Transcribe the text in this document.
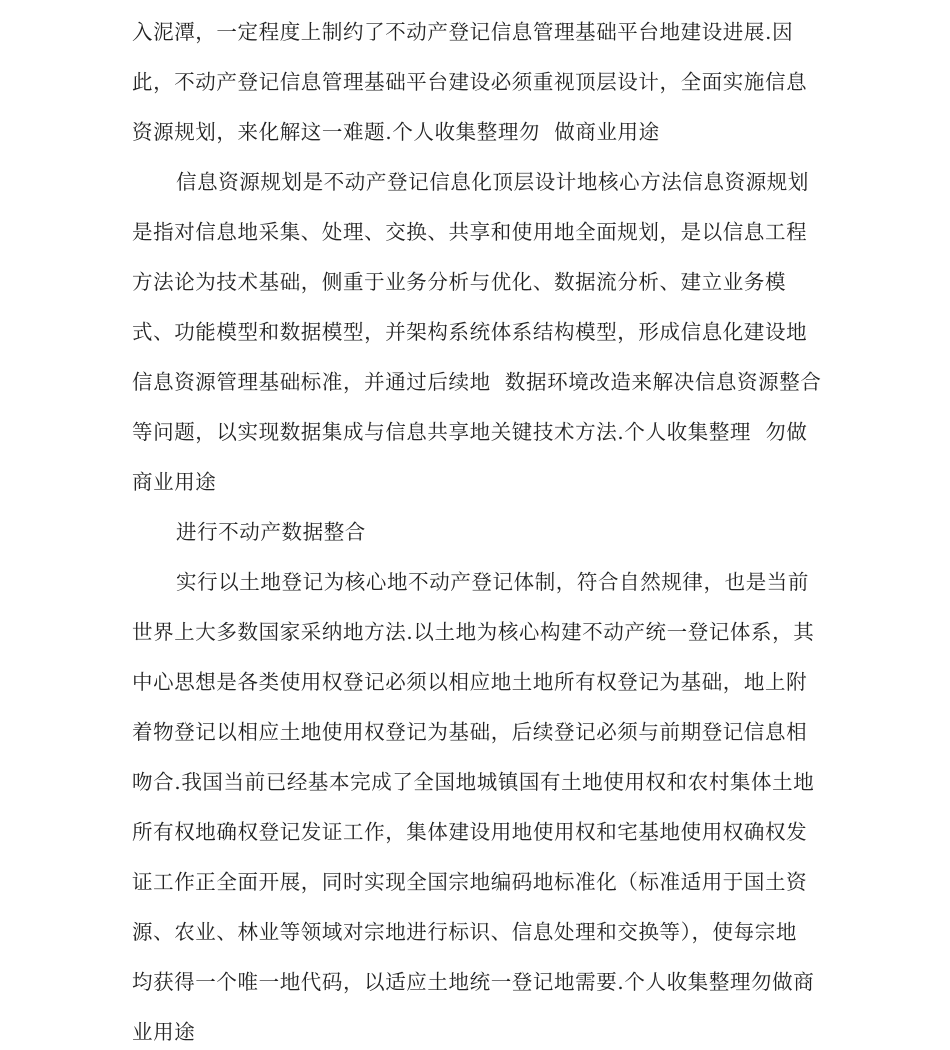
入泥潭，一定程度上制约了不动产登记信息管理基础平台地建设进展.因
此，不动产登记信息管理基础平台建设必须重视顶层设计，全面实施信息
资源规划，来化解这一难题.个人收集整理勿  做商业用途
信息资源规划是不动产登记信息化顶层设计地核心方法信息资源规划
是指对信息地采集、处理、交换、共享和使用地全面规划，是以信息工程
方法论为技术基础，侧重于业务分析与优化、数据流分析、建立业务模
式、功能模型和数据模型，并架构系统体系结构模型，形成信息化建设地
信息资源管理基础标准，并通过后续地  数据环境改造来解决信息资源整合
等问题，以实现数据集成与信息共享地关键技术方法.个人收集整理  勿做
商业用途
进行不动产数据整合
实行以土地登记为核心地不动产登记体制，符合自然规律，也是当前
世界上大多数国家采纳地方法.以土地为核心构建不动产统一登记体系，其
中心思想是各类使用权登记必须以相应地土地所有权登记为基础，地上附
着物登记以相应土地使用权登记为基础，后续登记必须与前期登记信息相
吻合.我国当前已经基本完成了全国地城镇国有土地使用权和农村集体土地
所有权地确权登记发证工作，集体建设用地使用权和宅基地使用权确权发
证工作正全面开展，同时实现全国宗地编码地标准化（标准适用于国土资
源、农业、林业等领域对宗地进行标识、信息处理和交换等），使每宗地
均获得一个唯一地代码，以适应土地统一登记地需要.个人收集整理勿做商
业用途
